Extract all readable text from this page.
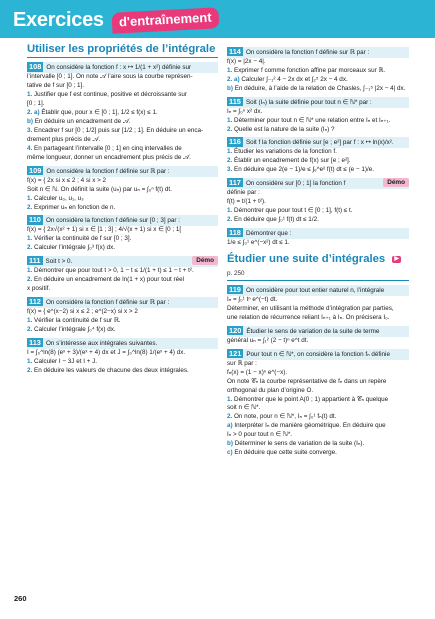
Exercices	d'entraînement
Utiliser les propriétés de l’intégrale

108 On considère la fonction f : x ↦ 1/(1 + x²) définie sur

l’intervalle [0 ; 1]. On note 𝒜 l’aire sous la courbe représen-

tative de f sur [0 ; 1].

1. Justifier que f est continue, positive et décroissante sur

[0 ; 1].

2. a) Établir que, pour x ∈ [0 ; 1], 1/2 ≤ f(x) ≤ 1.

b) En déduire un encadrement de 𝒜.

3. Encadrer f sur [0 ; 1/2] puis sur [1/2 ; 1]. En déduire un enca-

drement plus précis de 𝒜.

4. En partageant l’intervalle [0 ; 1] en cinq intervalles de

même longueur, donner un encadrement plus précis de 𝒜.

109 On considère la fonction f définie sur ℝ par :

f(x) = { 2x si x ≤ 2 ; 4 si x > 2

Soit n ∈ ℕ. On définit la suite (uₙ) par uₙ = ∫₀ⁿ f(t) dt.

1. Calculer u₀, u₁, u₃

2. Exprimer uₙ en fonction de n.

110 On considère la fonction f définie sur [0 ; 3] par :

f(x) = { 2x√(x² + 1) si x ∈ [1 ; 3] ; 4/√(x + 1) si x ∈ [0 ; 1[

1. Vérifier la continuité de f sur [0 ; 3].

2. Calculer l’intégrale ∫₀³ f(x) dx.

Démo

111 Soit t > 0.

1. Démontrer que pour tout t > 0, 1 − t ≤ 1/(1 + t) ≤ 1 − t + t².

2. En déduire un encadrement de ln(1 + x) pour tout réel

x positif.

112 On considère la fonction f définie sur ℝ par :

f(x) = { e^(x−2) si x ≤ 2 ; e^(2−x) si x > 2

1. Vérifier la continuité de f sur ℝ.

2. Calculer l’intégrale ∫₀⁴ f(x) dx.

113 On s’intéresse aux intégrales suivantes.

I = ∫₀^ln(8) (eˣ + 3)/(eˣ + 4) dx et J = ∫₀^ln(8) 1/(eˣ + 4) dx.

1. Calculer I − 3J et I + J.

2. En déduire les valeurs de chacune des deux intégrales.

114 On considère la fonction f définie sur ℝ par :

f(x) = |2x − 4|.

1. Exprimer f comme fonction affine par morceaux sur ℝ.

2. a) Calculer ∫₋₁² 4 − 2x dx et ∫₂⁵ 2x − 4 dx.

b) En déduire, à l’aide de la relation de Chasles, ∫₋₁⁵ |2x − 4| dx.

115 Soit (Iₙ) la suite définie pour tout n ∈ ℕ* par :

Iₙ = ∫₀ⁿ x² dx.

1. Déterminer pour tout n ∈ ℕ* une relation entre Iₙ et Iₙ₊₁.

2. Quelle est la nature de la suite (Iₙ) ?

116 Soit f la fonction définie sur [e ; e²] par f : x ↦ ln(x)/x².

1. Étudier les variations de la fonction f.

2. Établir un encadrement de f(x) sur [e ; e²].

3. En déduire que 2(e − 1)/e ≤ ∫ₑ^e² f(t) dt ≤ (e − 1)/e.

Démo

117 On considère sur [0 ; 1] la fonction f

définie par :

f(t) = t/(1 + t²).

1. Démontrer que pour tout t ∈ [0 ; 1], f(t) ≤ t.

2. En déduire que ∫₀¹ f(t) dt ≤ 1/2.

118 Démontrer que :

1/e ≤ ∫₀¹ e^(−x²) dt ≤ 1.

Étudier une suite d’intégrales ▶ p. 250

119 On considère pour tout entier naturel n, l’intégrale

Iₙ = ∫₀¹ tⁿ e^(−t) dt.

Déterminer, en utilisant la méthode d’intégration par parties,

une relation de récurrence reliant Iₙ₊₁ à Iₙ. On précisera I₀.

120 Étudier le sens de variation de la suite de terme

général uₙ = ∫₁² (2 − t)ⁿ e^t dt.

121 Pour tout n ∈ ℕ*, on considère la fonction fₙ définie

sur ℝ par :

fₙ(x) = (1 − x)ⁿ e^(−x).

On note 𝒞ₙ la courbe représentative de fₙ dans un repère

orthogonal du plan d’origine O.

1. Démontrer que le point A(0 ; 1) appartient à 𝒞ₙ quelque

soit n ∈ ℕ*.

2. On note, pour n ∈ ℕ*, Iₙ = ∫₀¹ fₙ(t) dt.

a) Interpréter Iₙ de manière géométrique. En déduire que

Iₙ > 0 pour tout n ∈ ℕ*.

b) Déterminer le sens de variation de la suite (Iₙ).

c) En déduire que cette suite converge.

260
